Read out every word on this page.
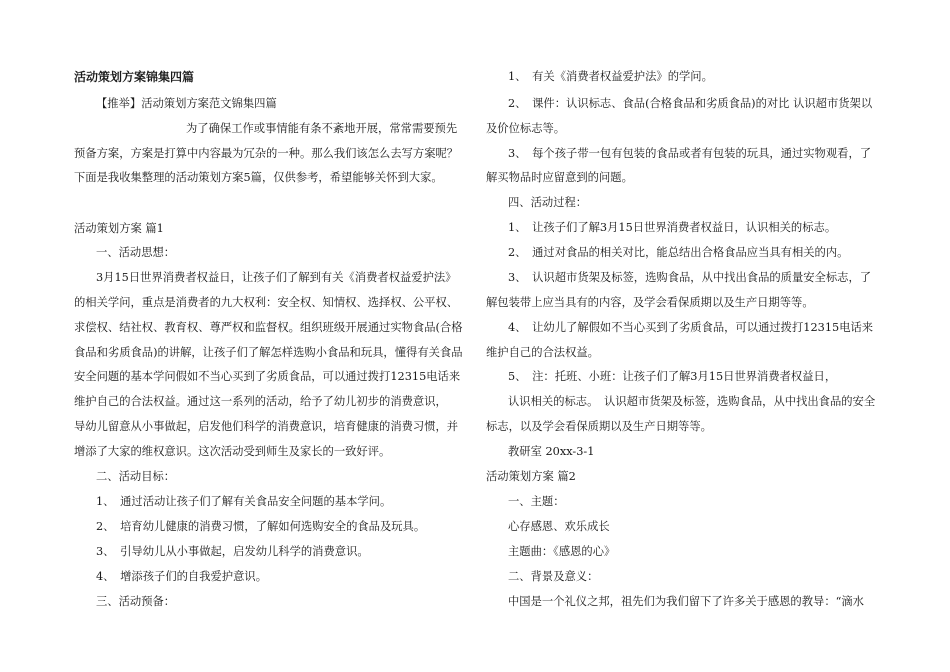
活动策划方案锦集四篇
【推举】活动策划方案范文锦集四篇
为了确保工作或事情能有条不紊地开展，常常需要预先
预备方案，方案是打算中内容最为冗杂的一种。那么我们该怎么去写方案呢？
下面是我收集整理的活动策划方案5篇，仅供参考，希望能够关怀到大家。
活动策划方案 篇1
一、活动思想：
3月15日世界消费者权益日，让孩子们了解到有关《消费者权益爱护法》
的相关学问，重点是消费者的九大权利：安全权、知情权、选择权、公平权、
求偿权、结社权、教育权、尊严权和监督权。组织班级开展通过实物食品(合格
食品和劣质食品)的讲解，让孩子们了解怎样选购小食品和玩具，懂得有关食品
安全问题的基本学问假如不当心买到了劣质食品，可以通过拨打12315电话来
维护自己的合法权益。通过这一系列的活动，给予了幼儿初步的消费意识，
导幼儿留意从小事做起，启发他们科学的消费意识，培育健康的消费习惯，并
增添了大家的维权意识。这次活动受到师生及家长的一致好评。
二、活动目标：
1、　通过活动让孩子们了解有关食品安全问题的基本学问。
2、　培育幼儿健康的消费习惯，了解如何选购安全的食品及玩具。
3、　引导幼儿从小事做起，启发幼儿科学的消费意识。
4、　增添孩子们的自我爱护意识。
三、活动预备：
1、　有关《消费者权益爱护法》的学问。
2、　课件：认识标志、食品(合格食品和劣质食品)的对比 认识超市货架以
及价位标志等。
3、　每个孩子带一包有包装的食品或者有包装的玩具，通过实物观看，了
解买物品时应留意到的问题。
四、活动过程：
1、　让孩子们了解3月15日世界消费者权益日，认识相关的标志。
2、　通过对食品的相关对比，能总结出合格食品应当具有相关的内。
3、　认识超市货架及标签，选购食品，从中找出食品的质量安全标志，了
解包装带上应当具有的内容，及学会看保质期以及生产日期等等。
4、　让幼儿了解假如不当心买到了劣质食品，可以通过拨打12315电话来
维护自己的合法权益。
5、　注：托班、小班：让孩子们了解3月15日世界消费者权益日，
认识相关的标志。　认识超市货架及标签，选购食品，从中找出食品的安全
标志，以及学会看保质期以及生产日期等等。
教研室 20xx-3-1
活动策划方案 篇2
一、主题：
心存感恩、欢乐成长
主题曲：《感恩的心》
二、背景及意义：
中国是一个礼仪之邦，祖先们为我们留下了许多关于感恩的教导：“滴水
